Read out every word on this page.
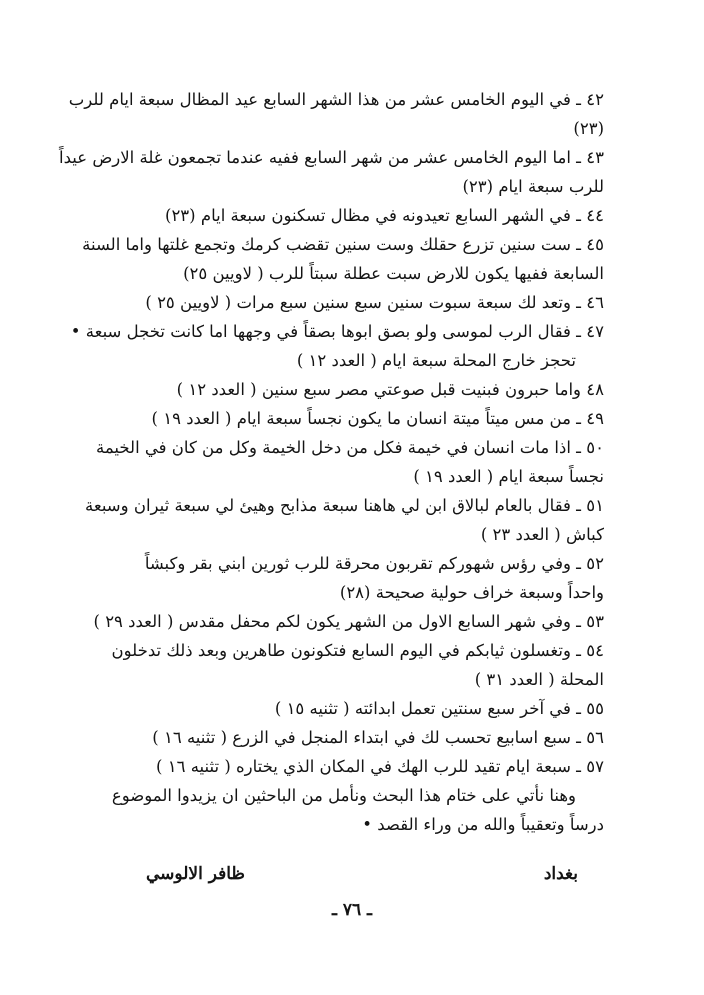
٤٢ ـ في اليوم الخامس عشر من هذا الشهر السابع عيد المظال سبعة ايام للرب
(٢٣)
٤٣ ـ اما اليوم الخامس عشر من شهر السابع ففيه عندما تجمعون غلة الارض عيداً
للرب سبعة ايام (٢٣)
٤٤ ـ في الشهر السابع تعيدونه في مظال تسكنون سبعة ايام (٢٣)
٤٥ ـ ست سنين تزرع حقلك وست سنين تقضب كرمك وتجمع غلتها واما السنة
السابعة ففيها يكون للارض سبت عطلة سبتاً للرب ( لاويين ٢٥)
٤٦ ـ وتعد لك سبعة سبوت سنين سبع سنين سبع مرات ( لاويين ٢٥ )
٤٧ ـ فقال الرب لموسى ولو بصق ابوها بصقاً في وجهها اما كانت تخجل سبعة •
تحجز خارج المحلة سبعة ايام ( العدد ١٢ )
٤٨ واما حبرون فبنيت قبل صوعتي مصر سبع سنين ( العدد ١٢ )
٤٩ ـ من مس ميتاً ميتة انسان ما يكون نجساً سبعة ايام ( العدد ١٩ )
٥٠ ـ اذا مات انسان في خيمة فكل من دخل الخيمة وكل من كان في الخيمة
نجساً سبعة ايام ( العدد ١٩ )
٥١ ـ فقال بالعام لبالاق ابن لي هاهنا سبعة مذابح وهيئ لي سبعة ثيران وسبعة
كباش ( العدد ٢٣ )
٥٢ ـ وفي رؤس شهوركم تقربون محرقة للرب ثورين ابني بقر وكبشاً
واحداً وسبعة خراف حولية صحيحة (٢٨)
٥٣ ـ وفي شهر السابع الاول من الشهر يكون لكم محفل مقدس ( العدد ٢٩ )
٥٤ ـ وتغسلون ثيابكم في اليوم السابع فتكونون طاهرين وبعد ذلك تدخلون
المحلة ( العدد ٣١ )
٥٥ ـ في آخر سبع سنتين تعمل ابدائته ( تثنيه ١٥ )
٥٦ ـ سبع اسابيع تحسب لك في ابتداء المنجل في الزرع ( تثنيه ١٦ )
٥٧ ـ سبعة ايام تقيد للرب الهك في المكان الذي يختاره ( تثنيه ١٦ )
وهنا نأتي على ختام هذا البحث ونأمل من الباحثين ان يزيدوا الموضوع
درساً وتعقيباً والله من وراء القصد •
بغداد
ظافر الالوسي
ـ ٧٦ ـ
